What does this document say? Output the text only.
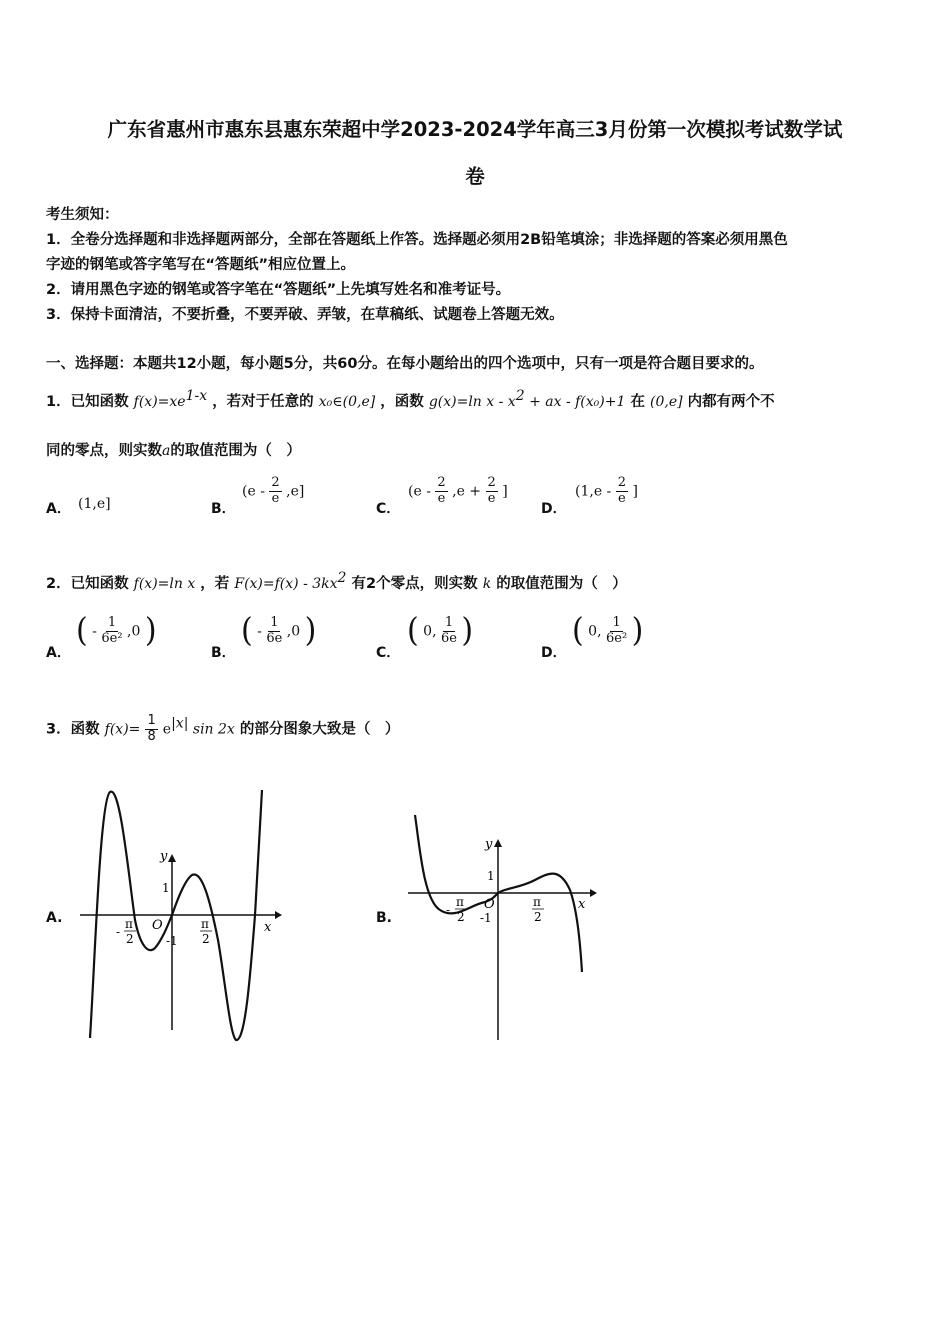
广东省惠州市惠东县惠东荣超中学2023-2024学年高三3月份第一次模拟考试数学试
卷
考生须知：
1．全卷分选择题和非选择题两部分，全部在答题纸上作答。选择题必须用2B铅笔填涂；非选择题的答案必须用黑色
字迹的钢笔或答字笔写在“答题纸”相应位置上。
2．请用黑色字迹的钢笔或答字笔在“答题纸”上先填写姓名和准考证号。
3．保持卡面清洁，不要折叠，不要弄破、弄皱，在草稿纸、试题卷上答题无效。
一、选择题：本题共12小题，每小题5分，共60分。在每小题给出的四个选项中，只有一项是符合题目要求的。
1．已知函数 $f(x)=xe^{1-x}$ ，若对于任意的 x₀∈(0,e] ，函数 g(x)=ln x - $x^2$ + ax - f(x₀)+1 在 (0,e] 内都有两个不
同的零点，则实数a的取值范围为（　）
A． (1,e]	B．
$(e - \frac{2}{e} ,e]$
C．
($e - \frac{2}{e} ,e + \frac{2}{e}$ ]
D．
($1,e - \frac{2}{e}$ ]
2．已知函数 f(x)=ln x ，若 $F(x)=f(x) - 3kx^2$ 有2个零点，则实数 k 的取值范围为（　）
A．
( - $\frac{1}{\text{6e²}} ,0$ )
B．
( - $\frac{1}{6e} ,0$ )
C．
( 0, $\frac{1}{6e}$ )
D．
( 0, $\frac{1}{\text{6e²}}$ )
3．函数 $f(x)= \frac{1}{8} e^{|x|}$ sin 2x 的部分图象大致是（　）
A.
y
x
1
-1
O
-
π
2
π
2
B.
y
x
1
-1
O
-
π
2
π
2
